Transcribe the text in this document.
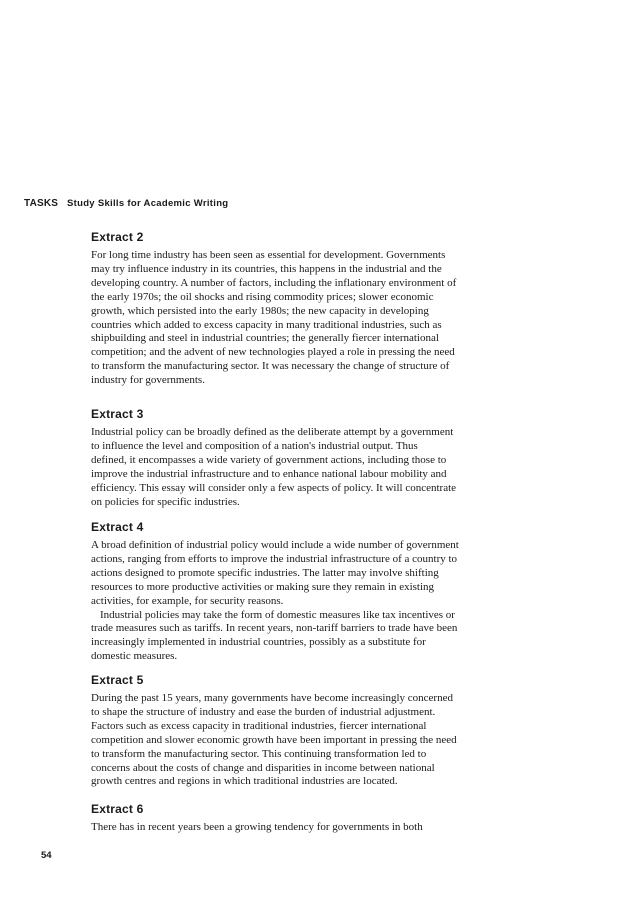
TASKS Study Skills for Academic Writing
Extract 2

For long time industry has been seen as essential for development. Governments
may try influence industry in its countries, this happens in the industrial and the
developing country. A number of factors, including the inflationary environment of
the early 1970s; the oil shocks and rising commodity prices; slower economic
growth, which persisted into the early 1980s; the new capacity in developing
countries which added to excess capacity in many traditional industries, such as
shipbuilding and steel in industrial countries; the generally fiercer international
competition; and the advent of new technologies played a role in pressing the need
to transform the manufacturing sector. It was necessary the change of structure of
industry for governments.

Extract 3

Industrial policy can be broadly defined as the deliberate attempt by a government
to influence the level and composition of a nation's industrial output. Thus
defined, it encompasses a wide variety of government actions, including those to
improve the industrial infrastructure and to enhance national labour mobility and
efficiency. This essay will consider only a few aspects of policy. It will concentrate
on policies for specific industries.

Extract 4

A broad definition of industrial policy would include a wide number of government
actions, ranging from efforts to improve the industrial infrastructure of a country to
actions designed to promote specific industries. The latter may involve shifting
resources to more productive activities or making sure they remain in existing
activities, for example, for security reasons.
Industrial policies may take the form of domestic measures like tax incentives or
trade measures such as tariffs. In recent years, non-tariff barriers to trade have been
increasingly implemented in industrial countries, possibly as a substitute for
domestic measures.

Extract 5

During the past 15 years, many governments have become increasingly concerned
to shape the structure of industry and ease the burden of industrial adjustment.
Factors such as excess capacity in traditional industries, fiercer international
competition and slower economic growth have been important in pressing the need
to transform the manufacturing sector. This continuing transformation led to
concerns about the costs of change and disparities in income between national
growth centres and regions in which traditional industries are located.

Extract 6

There has in recent years been a growing tendency for governments in both

54
